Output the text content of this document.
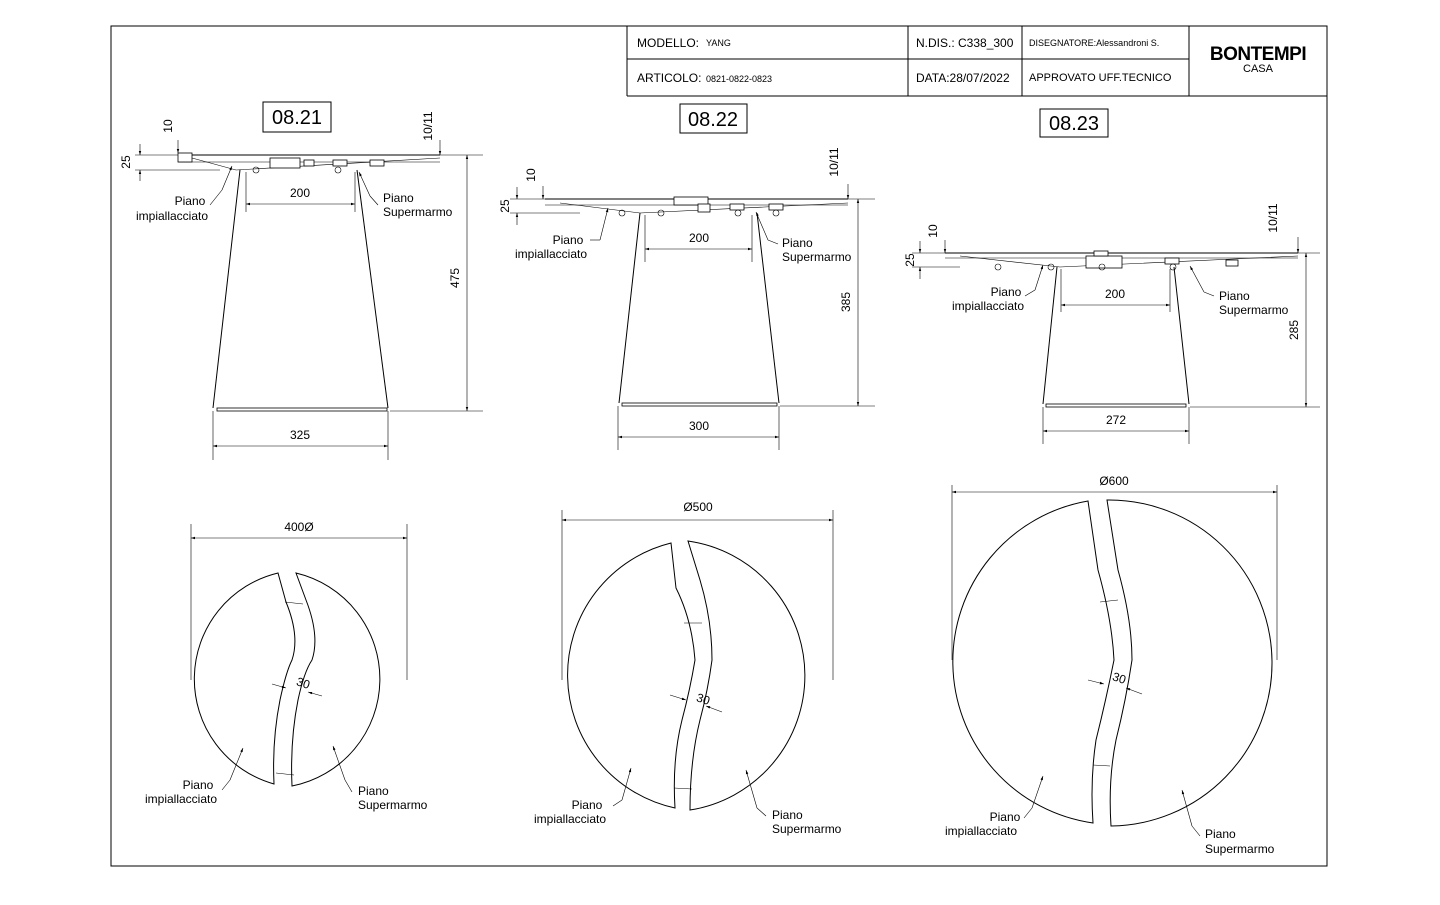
MODELLO: YANG
ARTICOLO: 0821-0822-0823
N.DIS.: C338_300
DATA:28/07/2022
DISEGNATORE:Alessandroni S.
APPROVATO UFF.TECNICO
BONTEMPI
CASA
08.21
25
10	10/11
200
475
325
Piano
impiallacciato
Piano
Supermarmo
08.22
25
10	10/11
200
385
300
Piano
impiallacciato
Piano
Supermarmo
08.23
25
10	10/11
200
285
272
Piano
impiallacciato
Piano
Supermarmo
400Ø
30
Piano
impiallacciato
Piano
Supermarmo
Ø500
30
Piano
impiallacciato	Piano
Supermarmo
Ø600
30
Piano
impiallacciato	Piano
Supermarmo
